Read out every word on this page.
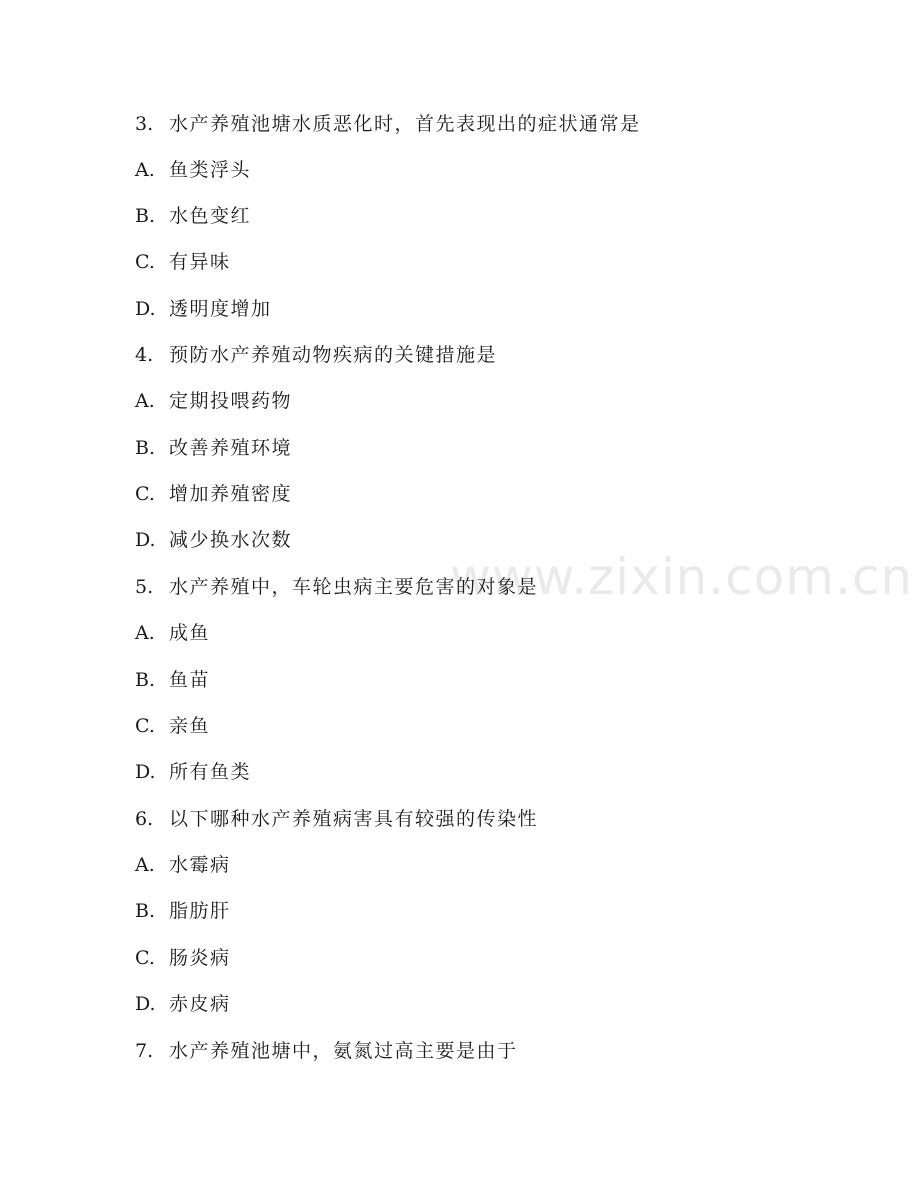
www.zixin.com.cn
3. 水产养殖池塘水质恶化时，首先表现出的症状通常是
A. 鱼类浮头
B. 水色变红
C. 有异味
D. 透明度增加
4. 预防水产养殖动物疾病的关键措施是
A. 定期投喂药物
B. 改善养殖环境
C. 增加养殖密度
D. 减少换水次数
5. 水产养殖中，车轮虫病主要危害的对象是
A. 成鱼
B. 鱼苗
C. 亲鱼
D. 所有鱼类
6. 以下哪种水产养殖病害具有较强的传染性
A. 水霉病
B. 脂肪肝
C. 肠炎病
D. 赤皮病
7. 水产养殖池塘中，氨氮过高主要是由于
